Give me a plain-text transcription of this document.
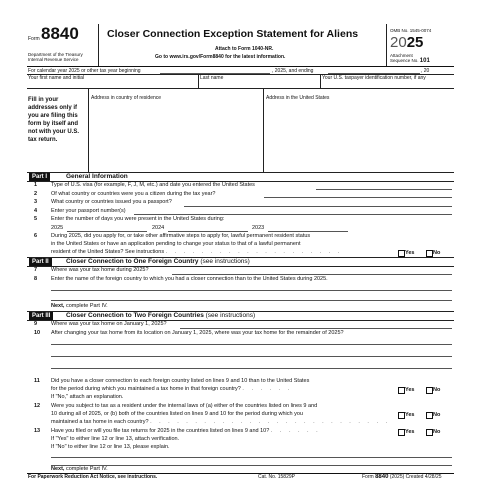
Form 8840
Department of the Treasury
Internal Revenue Service
Closer Connection Exception Statement for Aliens
Attach to Form 1040-NR.
Go to www.irs.gov/Form8840 for the latest information.
OMB No. 1545-0074
2025
Attachment
Sequence No. 101
For calendar year 2025 or other tax year beginning	, 2025, and ending	, 20
Your first name and initial	Last name	Your U.S. taxpayer identification number, if any
Fill in your addresses only if you are filing this form by itself and not with your U.S. tax return.
Address in country of residence	Address in the United States
Part I	General Information
1	Type of U.S. visa (for example, F, J, M, etc.) and date you entered the United States
2	Of what country or countries were you a citizen during the tax year?
3	What country or countries issued you a passport?
4	Enter your passport number(s)
5	Enter the number of days you were present in the United States during:
2025	2024	2023
6	During 2025, did you apply for, or take other affirmative steps to apply for, lawful permanent resident status
in the United States or have an application pending to change your status to that of a lawful permanent
resident of the United States? See instructions . . . . . . . . . . . . . . . . . . . .	Yes	No
Part II	Closer Connection to One Foreign Country (see instructions)
7	Where was your tax home during 2025?
8	Enter the name of the foreign country to which you had a closer connection than to the United States during 2025.
Next, complete Part IV.
Part III	Closer Connection to Two Foreign Countries (see instructions)
9	Where was your tax home on January 1, 2025?
10 After changing your tax home from its location on January 1, 2025, where was your tax home for the remainder of 2025?
11 Did you have a closer connection to each foreign country listed on lines 9 and 10 than to the United States
for the period during which you maintained a tax home in that foreign country? . . . . . .
If "No," attach an explanation.
Yes	No
12 Were you subject to tax as a resident under the internal laws of (a) either of the countries listed on lines 9 and
10 during all of 2025, or (b) both of the countries listed on lines 9 and 10 for the period during which you
maintained a tax home in each country? . . . . . . . . . . . . . . . . . . . . . . . . . . .
Yes	No
13 Have you filed or will you file tax returns for 2025 in the countries listed on lines 9 and 10? . . . . . .
If "Yes" to either line 12 or line 13, attach verification.
If "No" to either line 12 or line 13, please explain.
Yes	No
Next, complete Part IV.
For Paperwork Reduction Act Notice, see instructions.	Cat. No. 15829P	Form 8840 (2025) Created 4/28/25
